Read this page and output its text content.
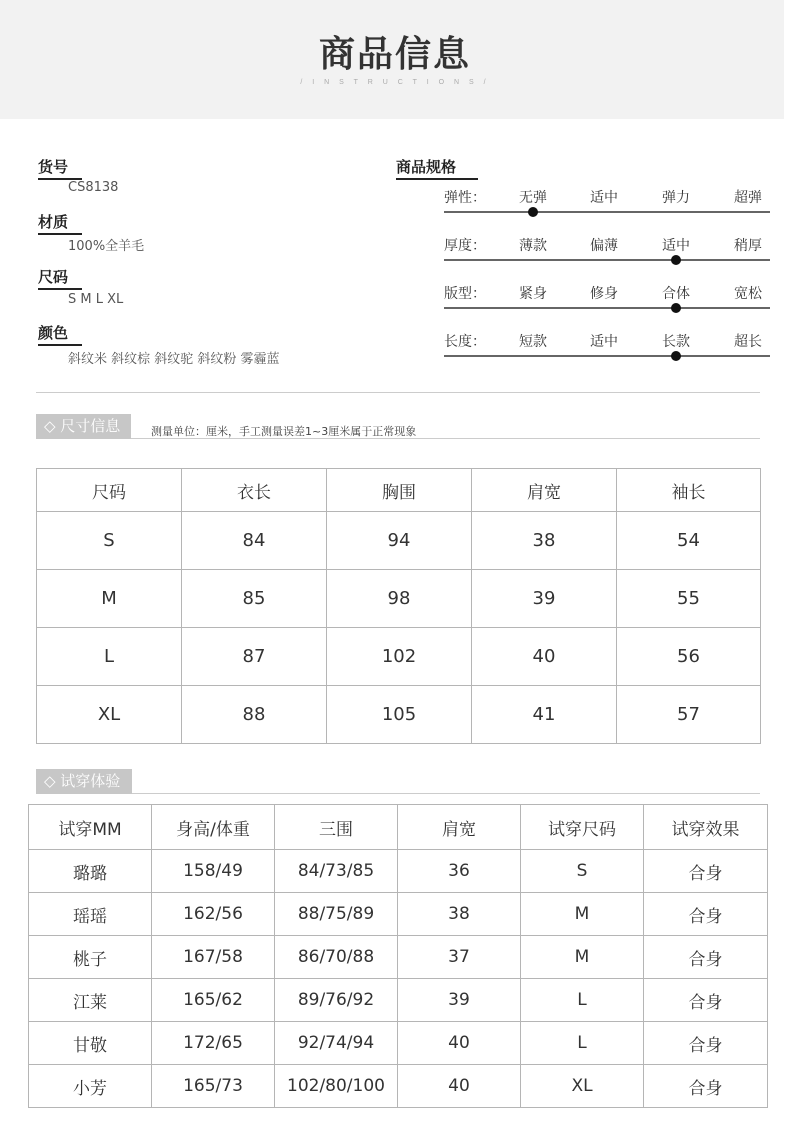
商品信息
/ I N S T R U C T I O N S /
货号
CS8138
材质
100%全羊毛
尺码
S M L XL
颜色
斜纹米 斜纹棕 斜纹驼 斜纹粉 雾霾蓝
商品规格
弹性：	无弹	适中	弹力	超弹
厚度：	薄款	偏薄	适中	稍厚
版型：	紧身	修身	合体	宽松
长度：	短款	适中	长款	超长
◇ 尺寸信息	测量单位：厘米，手工测量误差1~3厘米属于正常现象
尺码	衣长	胸围	肩宽	袖长
S	84	94	38	54
M	85	98	39	55
L	87	102	40	56
XL	88	105	41	57
◇ 试穿体验
试穿MM	身高/体重	三围	肩宽	试穿尺码	试穿效果
璐璐	158/49	84/73/85	36	S	合身
瑶瑶	162/56	88/75/89	38	M	合身
桃子	167/58	86/70/88	37	M	合身
江莱	165/62	89/76/92	39	L	合身
甘敬	172/65	92/74/94	40	L	合身
小芳	165/73	102/80/100	40	XL	合身
